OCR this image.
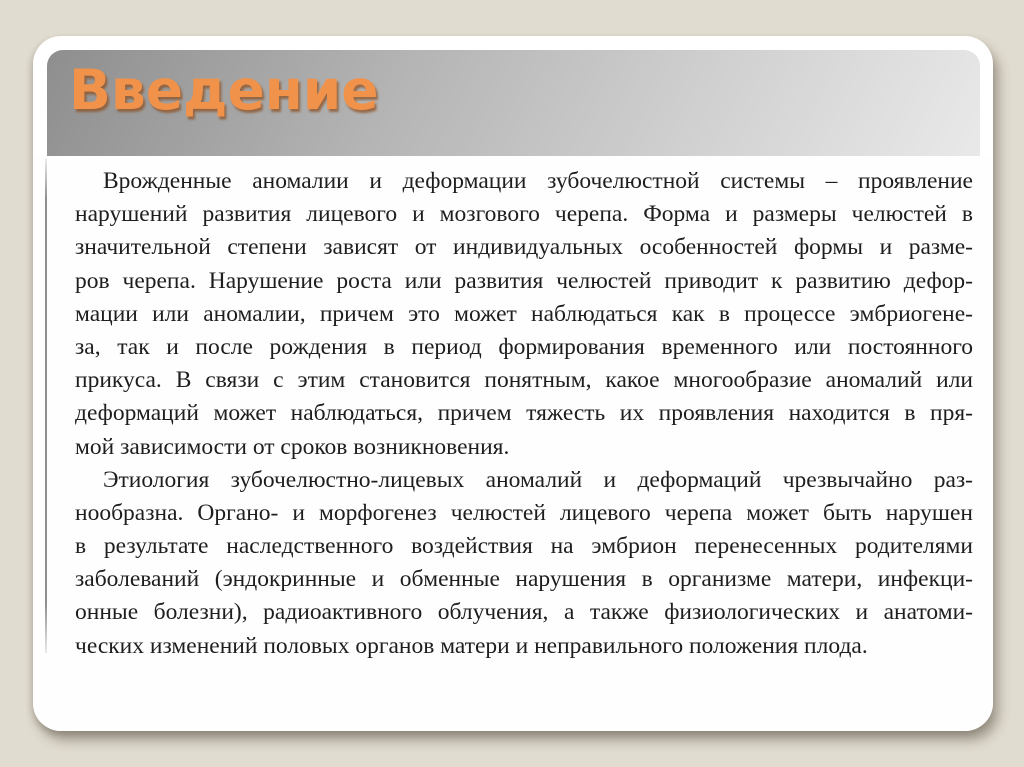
Введение
Врожденные аномалии и деформации зубочелюстной системы – проявление
нарушений развития лицевого и мозгового черепа. Форма и размеры челюстей в
значительной степени зависят от индивидуальных особенностей формы и разме-
ров черепа. Нарушение роста или развития челюстей приводит к развитию дефор-
мации или аномалии, причем это может наблюдаться как в процессе эмбриогене-
за, так и после рождения в период формирования временного или постоянного
прикуса. В связи с этим становится понятным, какое многообразие аномалий или
деформаций может наблюдаться, причем тяжесть их проявления находится в пря-
мой зависимости от сроков возникновения.
Этиология зубочелюстно-лицевых аномалий и деформаций чрезвычайно раз-
нообразна. Органо- и морфогенез челюстей лицевого черепа может быть нарушен
в результате наследственного воздействия на эмбрион перенесенных родителями
заболеваний (эндокринные и обменные нарушения в организме матери, инфекци-
онные болезни), радиоактивного облучения, а также физиологических и анатоми-
ческих изменений половых органов матери и неправильного положения плода.
